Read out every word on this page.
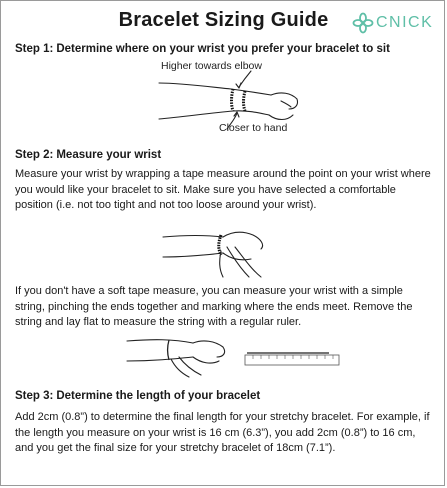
Bracelet Sizing Guide	CNICK
Step 1: Determine where on your wrist you prefer your bracelet to sit
Higher towards elbow
Closer to hand
Step 2: Measure your wrist
Measure your wrist by wrapping a tape measure around the point on your wrist where you would like your bracelet to sit. Make sure you have selected a comfortable position (i.e. not too tight and not too loose around your wrist).
If you don't have a soft tape measure, you can measure your wrist with a simple string, pinching the ends together and marking where the ends meet. Remove the string and lay flat to measure the string with a regular ruler.
Step 3: Determine the length of your bracelet
Add 2cm (0.8”) to determine the final length for your stretchy bracelet. For example, if the length you measure on your wrist is 16 cm (6.3”), you add 2cm (0.8”) to 16 cm, and you get the final size for your stretchy bracelet of 18cm (7.1”).
